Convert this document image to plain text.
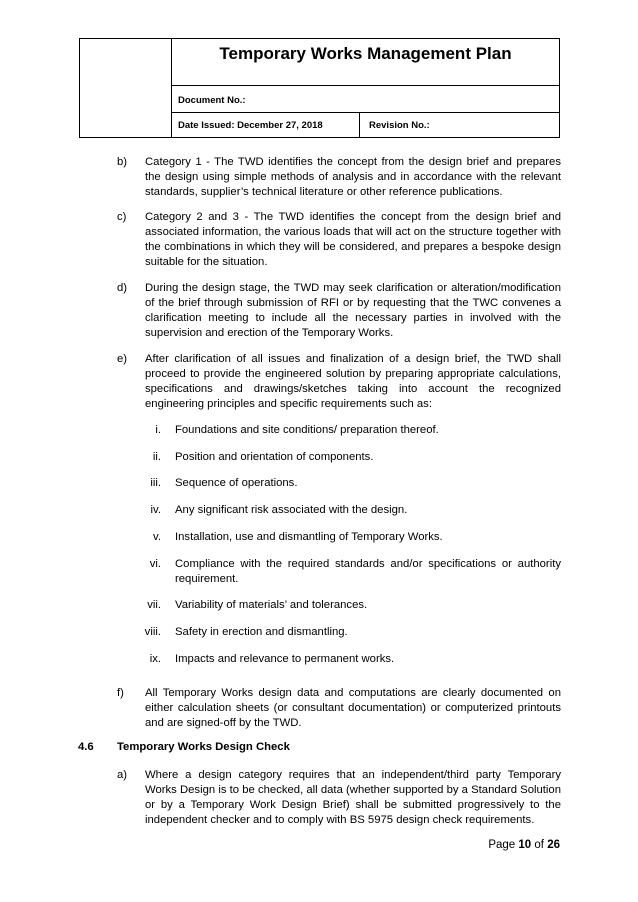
Temporary Works Management Plan
Document No.:
Date Issued: December 27, 2018	Revision No.:
b) Category 1 - The TWD identifies the concept from the design brief and prepares the design using simple methods of analysis and in accordance with the relevant standards, supplier’s technical literature or other reference publications.
c) Category 2 and 3 - The TWD identifies the concept from the design brief and associated information, the various loads that will act on the structure together with the combinations in which they will be considered, and prepares a bespoke design suitable for the situation.
d) During the design stage, the TWD may seek clarification or alteration/modification of the brief through submission of RFI or by requesting that the TWC convenes a clarification meeting to include all the necessary parties in involved with the supervision and erection of the Temporary Works.
e) After clarification of all issues and finalization of a design brief, the TWD shall proceed to provide the engineered solution by preparing appropriate calculations, specifications and drawings/sketches taking into account the recognized engineering principles and specific requirements such as:
i. Foundations and site conditions/ preparation thereof.
ii. Position and orientation of components.
iii. Sequence of operations.
iv. Any significant risk associated with the design.
v. Installation, use and dismantling of Temporary Works.
vi. Compliance with the required standards and/or specifications or authority requirement.
vii. Variability of materials’ and tolerances.
viii. Safety in erection and dismantling.
ix. Impacts and relevance to permanent works.
f) All Temporary Works design data and computations are clearly documented on either calculation sheets (or consultant documentation) or computerized printouts and are signed-off by the TWD.
4.6 Temporary Works Design Check
a) Where a design category requires that an independent/third party Temporary Works Design is to be checked, all data (whether supported by a Standard Solution or by a Temporary Work Design Brief) shall be submitted progressively to the independent checker and to comply with BS 5975 design check requirements.
Page 10 of 26
